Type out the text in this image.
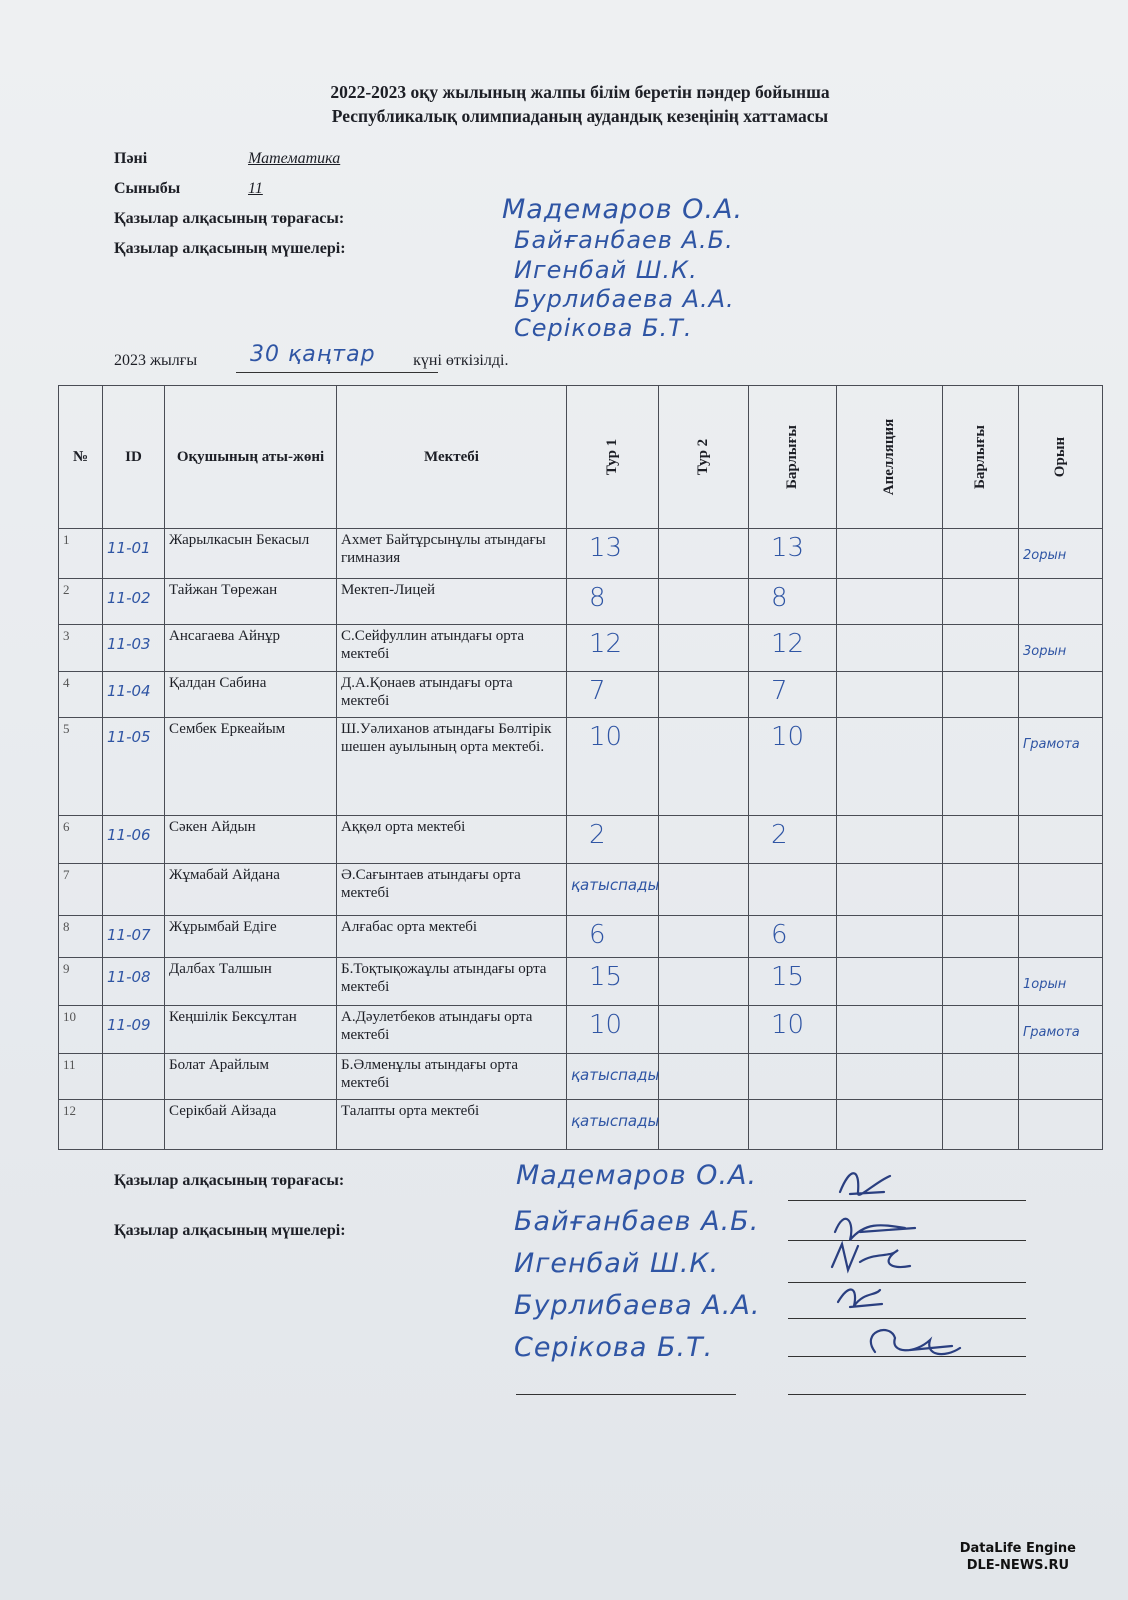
2022-2023 оқу жылының жалпы білім беретін пәндер бойынша
Республикалық олимпиаданың аудандық кезеңінің хаттамасы
Пәні	Математика
Сыныбы	11
Қазылар алқасының төрағасы:
Қазылар алқасының мүшелері:
Мадемаров О.А.
Байғанбаев А.Б.
Игенбай Ш.К.
Бурлибаева А.А.
Серікова Б.Т.
2023 жылғы	күні өткізілді.
30 қаңтар
№	ID	Оқушының аты-жөні	Мектебі	Тур 1	Тур 2	Барлығы	Апелляция	Барлығы	Орын
1	11-01	Жарылкасын Бекасыл	Ахмет Байтұрсынұлы атындағы гимназия	13		13			2орын
2	11-02	Тайжан Төрежан	Мектеп-Лицей	8		8			
3	11-03	Ансагаева Айнұр	С.Сейфуллин атындағы орта мектебі	12		12			3орын
4	11-04	Қалдан Сабина	Д.А.Қонаев атындағы орта мектебі	7		7			
5	11-05	Сембек Еркеайым	Ш.Уәлиханов атындағы Бөлтірік шешен ауылының орта мектебі.	10		10			Грамота
6	11-06	Сәкен Айдын	Аққөл орта мектебі	2		2			
7		Жұмабай Айдана	Ә.Сағынтаев атындағы орта мектебі	қатыспады					
8	11-07	Жұрымбай Едіге	Алғабас орта мектебі	6		6			
9	11-08	Далбах Талшын	Б.Тоқтықожаұлы атындағы орта мектебі	15		15			1орын
10	11-09	Кеңшілік Бексұлтан	А.Дәулетбеков атындағы орта мектебі	10		10			Грамота
11		Болат Арайлым	Б.Әлменұлы атындағы орта мектебі	қатыспады					
12		Серікбай Айзада	Талапты орта мектебі	қатыспады					
Қазылар алқасының төрағасы:
Қазылар алқасының мүшелері:
Мадемаров О.А.
Байғанбаев А.Б.
Игенбай Ш.К.
Бурлибаева А.А.
Серікова Б.Т.
DataLife Engine
DLE-NEWS.RU
